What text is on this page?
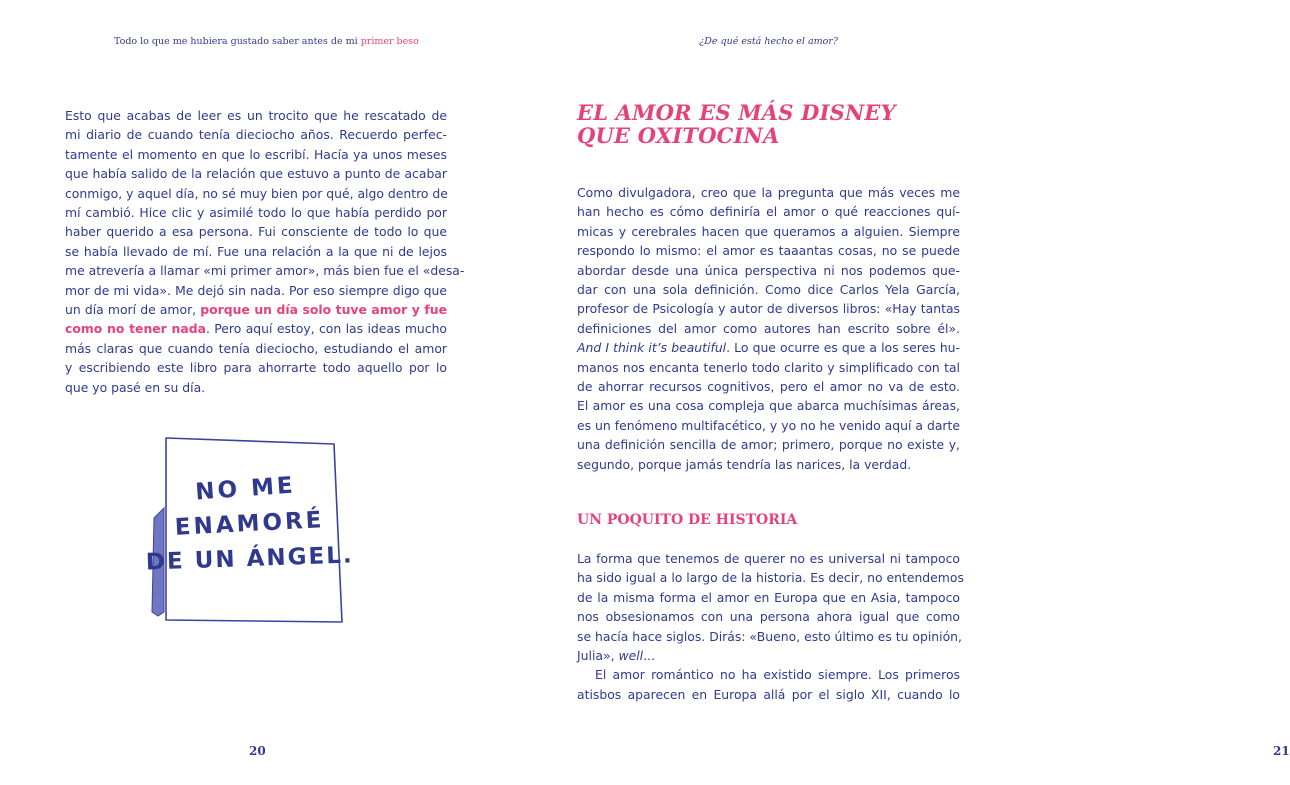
Todo lo que me hubiera gustado saber antes de mi primer beso
Esto que acabas de leer es un trocito que he rescatado de
mi diario de cuando tenía dieciocho años. Recuerdo perfec-
tamente el momento en que lo escribí. Hacía ya unos meses
que había salido de la relación que estuvo a punto de acabar
conmigo, y aquel día, no sé muy bien por qué, algo dentro de
mí cambió. Hice clic y asimilé todo lo que había perdido por
haber querido a esa persona. Fui consciente de todo lo que
se había llevado de mí. Fue una relación a la que ni de lejos
me atrevería a llamar «mi primer amor», más bien fue el «desa-
mor de mi vida». Me dejó sin nada. Por eso siempre digo que
un día morí de amor, porque un día solo tuve amor y fue
como no tener nada. Pero aquí estoy, con las ideas mucho
más claras que cuando tenía dieciocho, estudiando el amor
y escribiendo este libro para ahorrarte todo aquello por lo
que yo pasé en su día.
NO ME
ENAMORÉ
DE UN ÁNGEL.
20
¿De qué está hecho el amor?
21
EL AMOR ES MÁS DISNEY
QUE OXITOCINA
Como divulgadora, creo que la pregunta que más veces me
han hecho es cómo definiría el amor o qué reacciones quí-
micas y cerebrales hacen que queramos a alguien. Siempre
respondo lo mismo: el amor es taaantas cosas, no se puede
abordar desde una única perspectiva ni nos podemos que-
dar con una sola definición. Como dice Carlos Yela García,
profesor de Psicología y autor de diversos libros: «Hay tantas
definiciones del amor como autores han escrito sobre él».
And I think it’s beautiful. Lo que ocurre es que a los seres hu-
manos nos encanta tenerlo todo clarito y simplificado con tal
de ahorrar recursos cognitivos, pero el amor no va de esto.
El amor es una cosa compleja que abarca muchísimas áreas,
es un fenómeno multifacético, y yo no he venido aquí a darte
una definición sencilla de amor; primero, porque no existe y,
segundo, porque jamás tendría las narices, la verdad.
UN POQUITO DE HISTORIA
La forma que tenemos de querer no es universal ni tampoco
ha sido igual a lo largo de la historia. Es decir, no entendemos
de la misma forma el amor en Europa que en Asia, tampoco
nos obsesionamos con una persona ahora igual que como
se hacía hace siglos. Dirás: «Bueno, esto último es tu opinión,
Julia», well...
El amor romántico no ha existido siempre. Los primeros
atisbos aparecen en Europa allá por el siglo XII, cuando lo
